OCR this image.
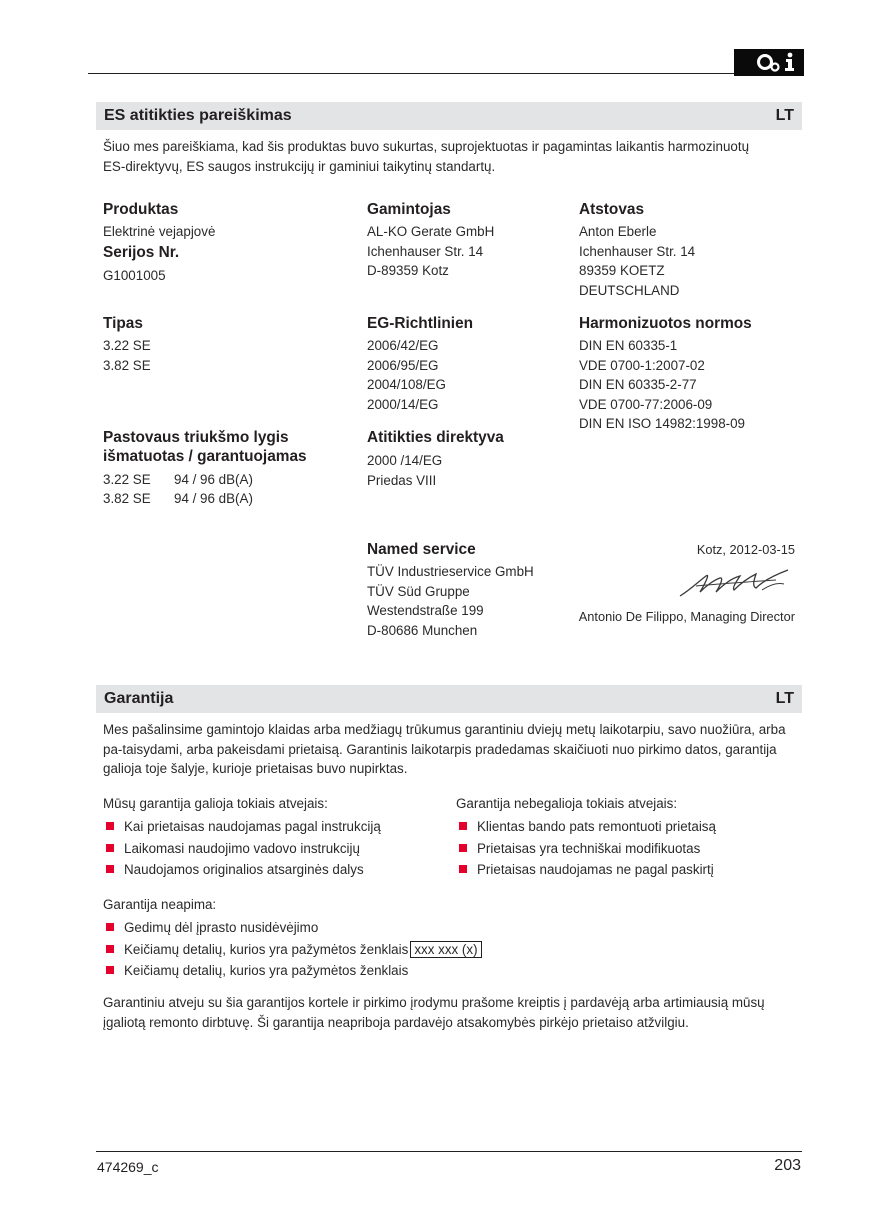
ES atitikties pareiškimas	LT
Šiuo mes pareiškiama, kad šis produktas buvo sukurtas, suprojektuotas ir pagamintas laikantis harmozinuotų ES-direktyvų, ES saugos instrukcijų ir gaminiui taikytinų standartų.
Produktas
Elektrinė vejapjovė
Serijos Nr.
G1001005
Gamintojas
AL-KO Gerate GmbH
Ichenhauser Str. 14
D-89359 Kotz
Atstovas
Anton Eberle
Ichenhauser Str. 14
89359 KOETZ
DEUTSCHLAND
Tipas
3.22 SE
3.82 SE
EG-Richtlinien
2006/42/EG
2006/95/EG
2004/108/EG
2000/14/EG
Harmonizuotos normos
DIN EN 60335-1
VDE 0700-1:2007-02
DIN EN 60335-2-77
VDE 0700-77:2006-09
DIN EN ISO 14982:1998-09
Pastovaus triukšmo lygis
išmatuotas / garantuojamas
3.22 SE 94 / 96 dB(A)
3.82 SE 94 / 96 dB(A)
Atitikties direktyva
2000 /14/EG
Priedas VIII
Named service
TÜV Industrieservice GmbH
TÜV Süd Gruppe
Westendstraße 199
D-80686 Munchen
Kotz, 2012-03-15
Antonio De Filippo, Managing Director
Garantija	LT
Mes pašalinsime gamintojo klaidas arba medžiagų trūkumus garantiniu dviejų metų laikotarpiu, savo nuožiūra, arba pa-taisydami, arba pakeisdami prietaisą. Garantinis laikotarpis pradedamas skaičiuoti nuo pirkimo datos, garantija galioja toje šalyje, kurioje prietaisas buvo nupirktas.
Mūsų garantija galioja tokiais atvejais:
Kai prietaisas naudojamas pagal instrukciją
Laikomasi naudojimo vadovo instrukcijų
Naudojamos originalios atsarginės dalys
Garantija nebegalioja tokiais atvejais:
Klientas bando pats remontuoti prietaisą
Prietaisas yra techniškai modifikuotas
Prietaisas naudojamas ne pagal paskirtį
Garantija neapima:
Gedimų dėl įprasto nusidėvėjimo
Keičiamų detalių, kurios yra pažymėtos ženklais xxx xxx (x)
Keičiamų detalių, kurios yra pažymėtos ženklais
Garantiniu atveju su šia garantijos kortele ir pirkimo įrodymu prašome kreiptis į pardavėją arba artimiausią mūsų įgaliotą remonto dirbtuvę. Ši garantija neapriboja pardavėjo atsakomybės pirkėjo prietaiso atžvilgiu.
474269_c	203
